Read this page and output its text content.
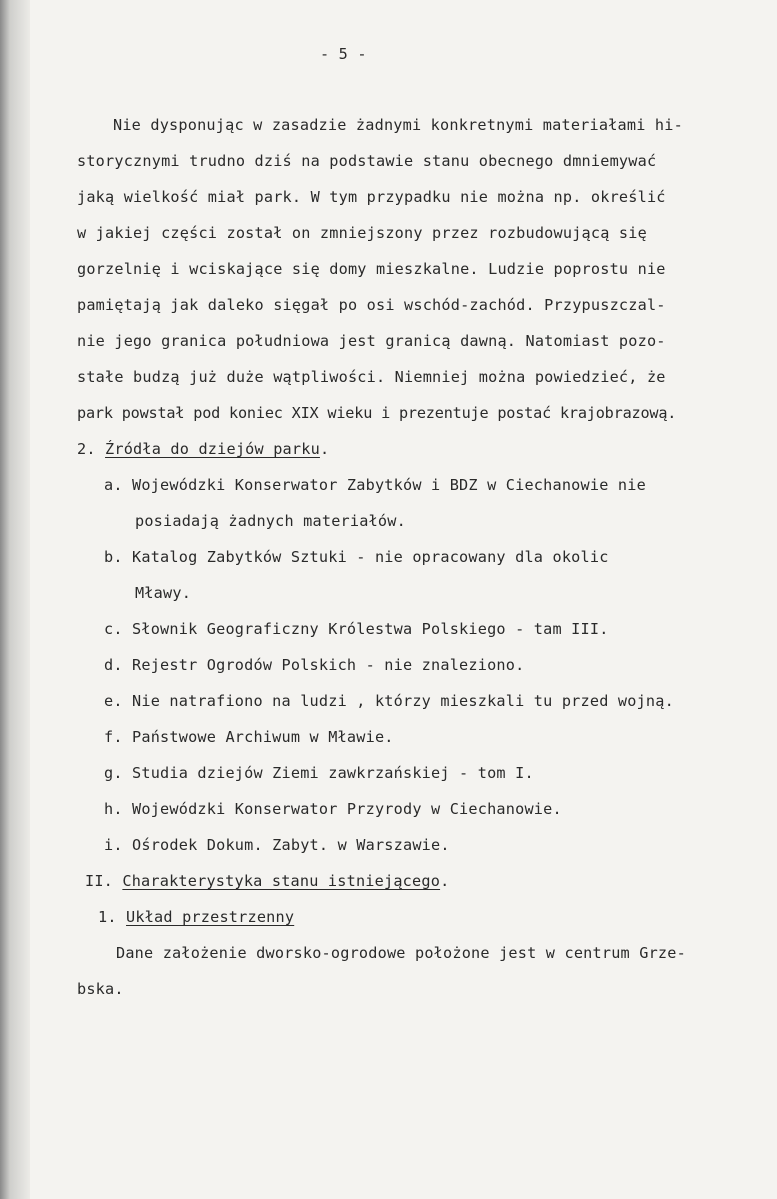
- 5 -
Nie dysponując w zasadzie żadnymi konkretnymi materiałami hi-
storycznymi trudno dziś na podstawie stanu obecnego dmniemywać
jaką wielkość miał park. W tym przypadku nie można np. określić
w jakiej części został on zmniejszony przez rozbudowującą się
gorzelnię i wciskające się domy mieszkalne. Ludzie poprostu nie
pamiętają jak daleko sięgał po osi wschód-zachód. Przypuszczal-
nie jego granica południowa jest granicą dawną. Natomiast pozo-
stałe budzą już duże wątpliwości. Niemniej można powiedzieć, że
park powstał pod koniec XIX wieku i prezentuje postać krajobrazową.
2. Źródła do dziejów parku.
a. Wojewódzki Konserwator Zabytków i BDZ w Ciechanowie nie
posiadają żadnych materiałów.
b. Katalog Zabytków Sztuki - nie opracowany dla okolic
Mławy.
c. Słownik Geograficzny Królestwa Polskiego - tam III.
d. Rejestr Ogrodów Polskich - nie znaleziono.
e. Nie natrafiono na ludzi , którzy mieszkali tu przed wojną.
f. Państwowe Archiwum w Mławie.
g. Studia dziejów Ziemi zawkrzańskiej - tom I.
h. Wojewódzki Konserwator Przyrody w Ciechanowie.
i. Ośrodek Dokum. Zabyt. w Warszawie.
II. Charakterystyka stanu istniejącego.
1. Układ przestrzenny
Dane założenie dworsko-ogrodowe położone jest w centrum Grze-
bska.
